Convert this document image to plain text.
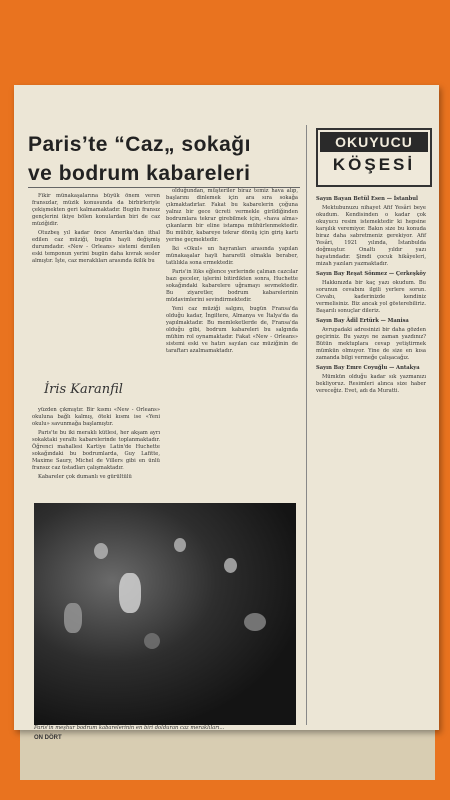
Paris’te “Caz„ sokağı
ve bodrum kabareleri
OKUYUCU
KÖŞESİ

Fikir münakaşalarına büyük önem veren fransızlar, müzik konusunda da birbirleriyle çekişmekten geri kalmamaktadır. Bugün fransız gençlerini ikiye bölen konulardan biri de caz müziğidir.

Otuzbeş yıl kadar önce Amerika'dan ithal edilen caz müziği, bugün hayli değişmiş durumdadır. «New - Orleans» sistemi denilen eski temponun yerini bugün daha kıvrak sesler almıştır. İşte, caz meraklıları arasında ikilik bu

İris Karanfil

yüzden çıkmıştır. Bir kısmı «New - Orleans» okuluna bağlı kalmış, öteki kısmı ise «Yeni okulu» savunmağa başlamıştır.

Paris'te bu iki meraklı kütlesi, her akşam ayrı sokaktaki yeraltı kabarelerinde toplanmaktadır. Öğrenci mahallesi Kartiye Latin'de Huchette sokağındaki bu bodrumlarda, Guy Lafitte, Maxime Saury, Michel de Villers gibi en ünlü fransız caz üstadları çalışmaktadır.

Kabareler çok dumanlı ve gürültülü

olduğundan, müşteriler biraz temiz hava alıp, başlarını dinlemek için ara sıra sokağa çıkmaktadırlar. Fakat bu kabarelerin çoğuna yalnız bir gece ücreti vermekle girildiğinden bodrumlara tekrar girebilmek için, «hava alma» çıkanların bir eline istampa mühürlenmektedir. Bu mühür, kabareye tekrar dönüş için giriş kartı yerine geçmektedir.

İki «Okul» un hayranları arasında yapılan münakaşalar hayli hararetli olmakla beraber, tatlılıkla sona ermektedir.

Paris'in lüks eğlence yerlerinde çalınan cazcılar bazı geceler, işlerini bitirdikten sonra, Huchette sokağındaki kabarelere uğramayı sevmektedir. Bu ziyaretler, bodrum kabarelerinin müdavimlerini sevindirmektedir.

Yeni caz müziği salgını, bugün Fransa'da olduğu kadar, İngiltere, Almanya ve İtalya'da da yapılmaktadır. Bu memleketlerde de, Fransa'da olduğu gibi, bodrum kabareleri bu salgında mühim rol oynamaktadır. Fakat «New - Orleans» sistemi eski ve hatırı sayılan caz müziğinin de taraftarı azalmamaktadır.

Sayın Bayan Betül Esen — İstanbul

Mektubunuzu nihayet Afif Yesâri beye okudum. Kendisinden o kadar çok okuyucu resim istemektedir ki hepsine karşılık veremiyor. Bakın size bu konuda biraz daha sabretmeniz gerekiyor. Afif Yesâri, 1921 yılında, İstanbulda doğmuştur. Onaltı yıldır yazı hayatındadır. Şimdi çocuk hikâyeleri, mizah yazıları yazmaktadır.

Sayın Bay Reşat Sönmez — Çerkeşköy

Hakkınızda bir kaç yazı okudum. Bu sorunun cevabını ilgili yerlere sorun. Cevabı, kaderinizde kendiniz vermelisiniz. Biz ancak yol gösterebiliriz. Başarılı sonuçlar dileriz.

Sayın Bay Âdil Ertürk — Manisa

Avrupadaki adresinizi bir daha gözden geçiriniz. Bu yazıyı ne zaman yazdınız? Bütün mektuplara cevap yetiştirmek mümkün olmuyor. Yine de size en kısa zamanda bilgi vermeğe çalışacağız.

Sayın Bay Emre Coyuğlu — Antakya

Mümkün olduğu kadar sık yazmanızı bekliyoruz. Resimleri alınca size haber vereceğiz. Evet, adı da Muratti.

Paris'in meşhur bodrum kabarelerinin en biri dolduran caz meraklıları...
ON DÖRT
